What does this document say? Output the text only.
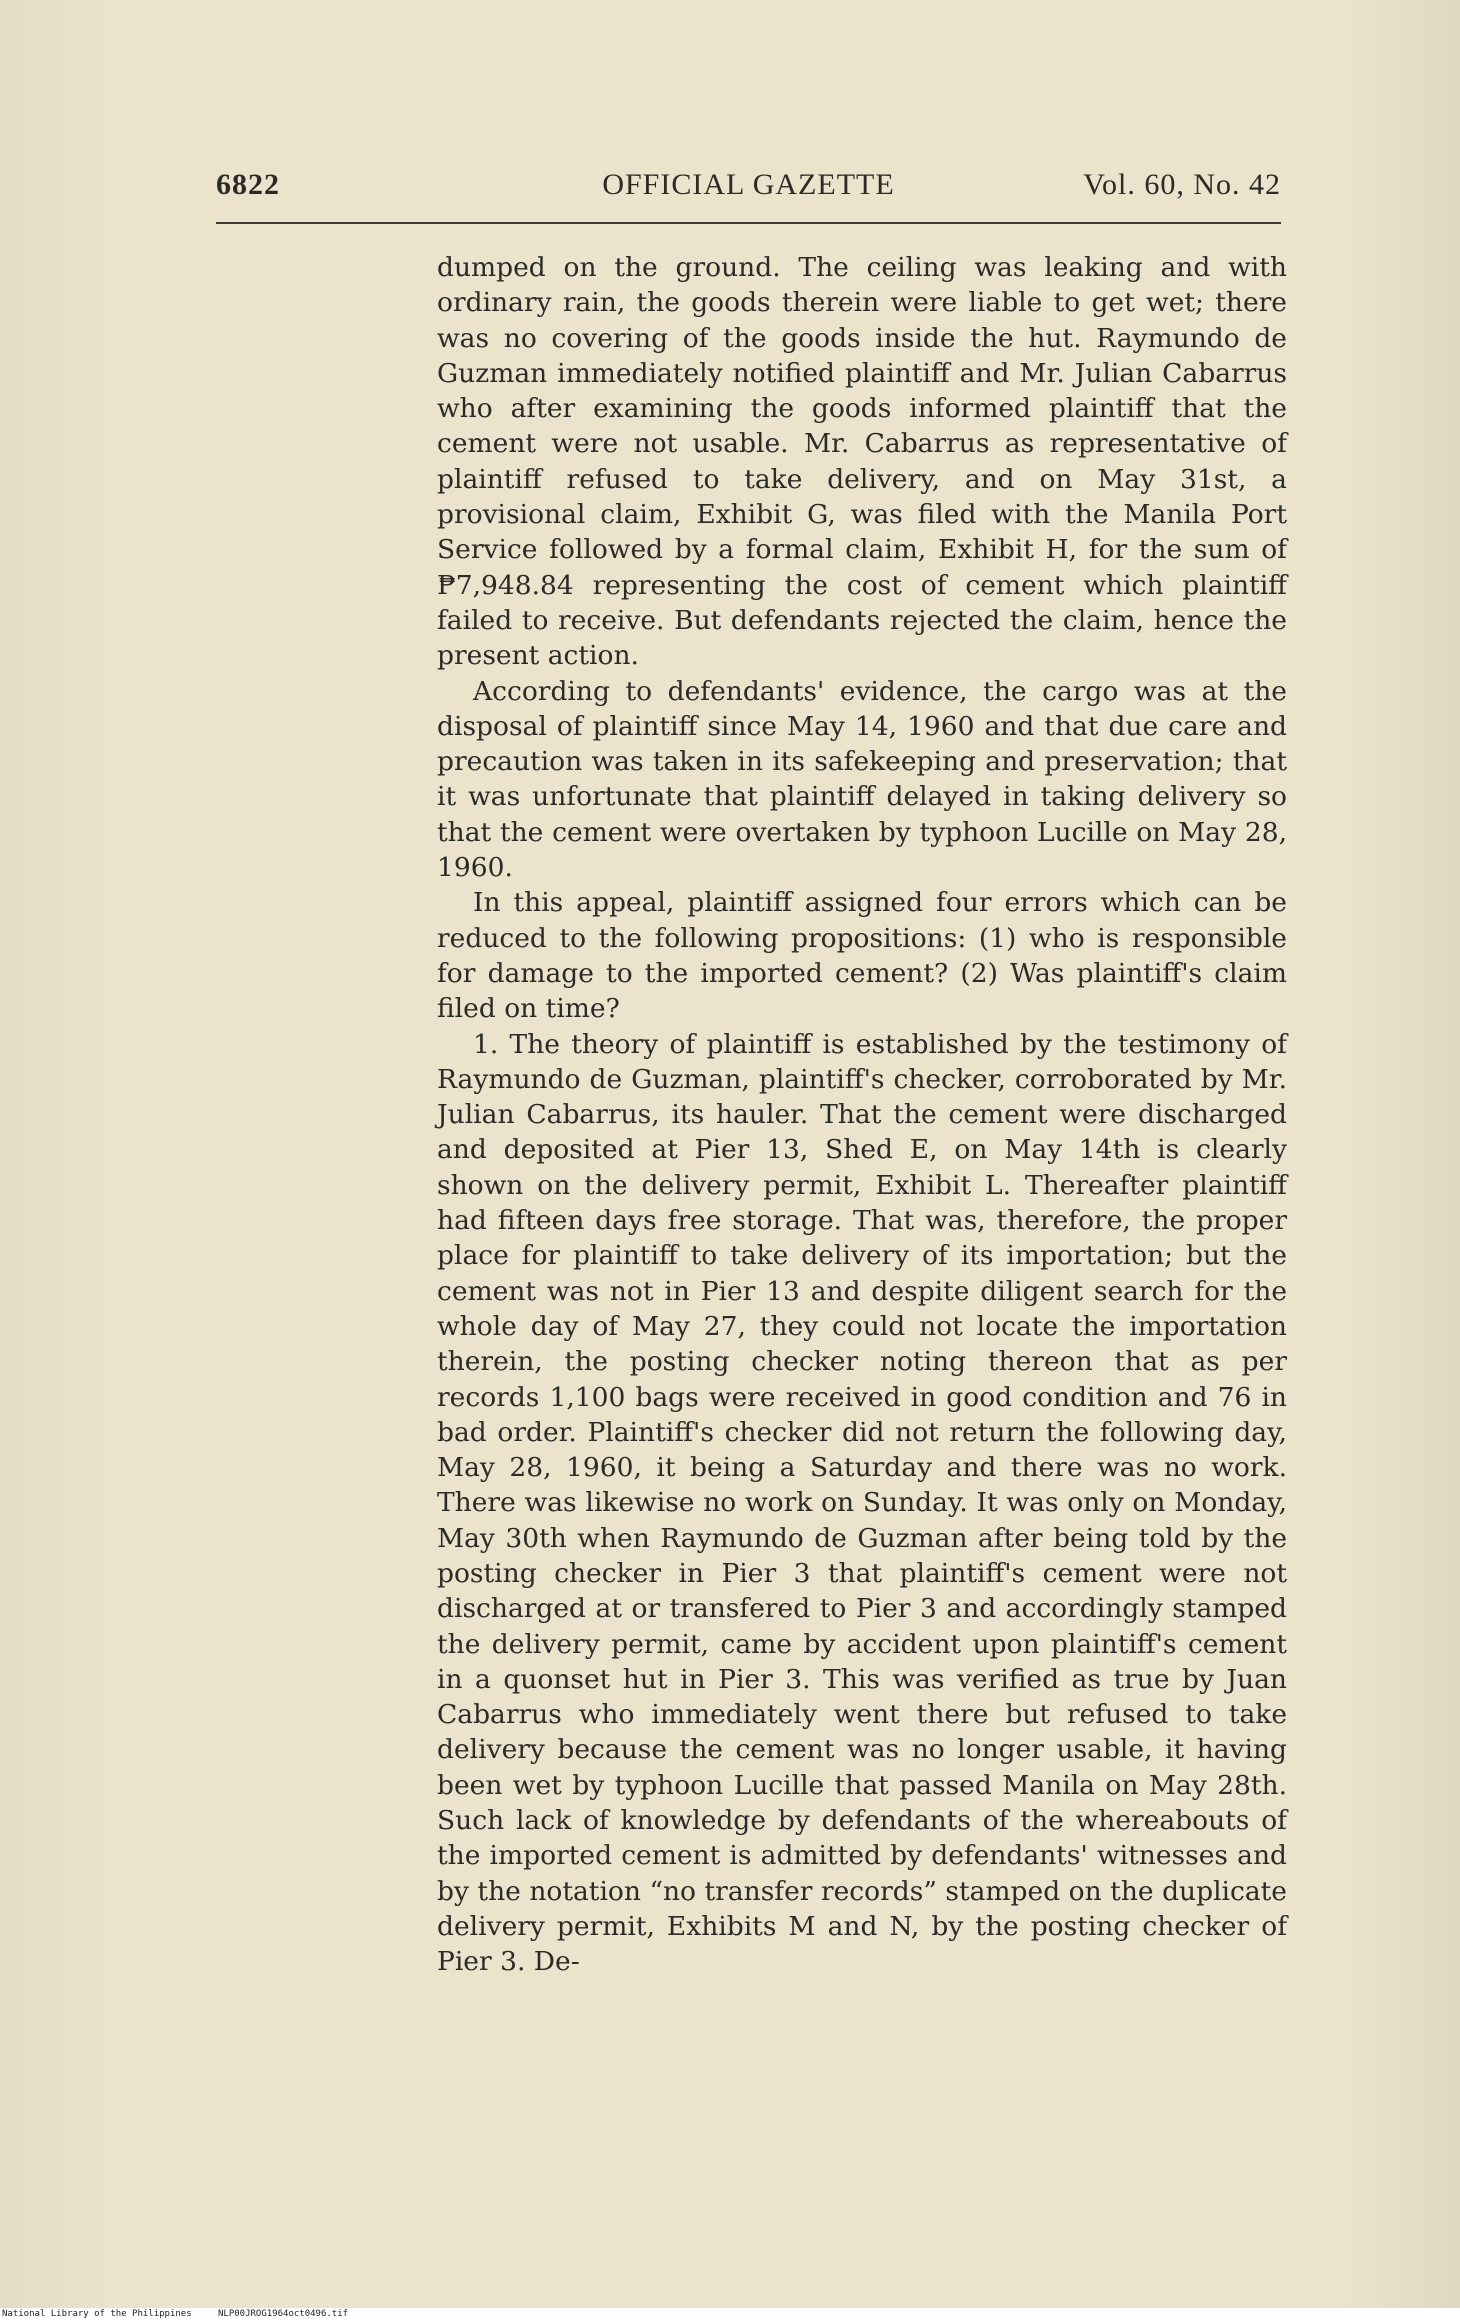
6822	OFFICIAL GAZETTE	Vol. 60, No. 42

dumped on the ground. The ceiling was leaking and with ordinary rain, the goods therein were liable to get wet; there was no covering of the goods inside the hut. Raymundo de Guzman immediately notified plaintiff and Mr. Julian Cabarrus who after examining the goods informed plaintiff that the cement were not usable. Mr. Cabarrus as representative of plaintiff refused to take delivery, and on May 31st, a provisional claim, Exhibit G, was filed with the Manila Port Service followed by a formal claim, Exhibit H, for the sum of ₱7,948.84 representing the cost of cement which plaintiff failed to receive. But defendants rejected the claim, hence the present action.

According to defendants' evidence, the cargo was at the disposal of plaintiff since May 14, 1960 and that due care and precaution was taken in its safekeeping and preservation; that it was unfortunate that plaintiff delayed in taking delivery so that the cement were overtaken by typhoon Lucille on May 28, 1960.

In this appeal, plaintiff assigned four errors which can be reduced to the following propositions: (1) who is responsible for damage to the imported cement? (2) Was plaintiff's claim filed on time?

1. The theory of plaintiff is established by the testimony of Raymundo de Guzman, plaintiff's checker, corroborated by Mr. Julian Cabarrus, its hauler. That the cement were discharged and deposited at Pier 13, Shed E, on May 14th is clearly shown on the delivery permit, Exhibit L. Thereafter plaintiff had fifteen days free storage. That was, therefore, the proper place for plaintiff to take delivery of its importation; but the cement was not in Pier 13 and despite diligent search for the whole day of May 27, they could not locate the importation therein, the posting checker noting thereon that as per records 1,100 bags were received in good condition and 76 in bad order. Plaintiff's checker did not return the following day, May 28, 1960, it being a Saturday and there was no work. There was likewise no work on Sunday. It was only on Monday, May 30th when Raymundo de Guzman after being told by the posting checker in Pier 3 that plaintiff's cement were not discharged at or transfered to Pier 3 and accordingly stamped the delivery permit, came by accident upon plaintiff's cement in a quonset hut in Pier 3. This was verified as true by Juan Cabarrus who immediately went there but refused to take delivery because the cement was no longer usable, it having been wet by typhoon Lucille that passed Manila on May 28th. Such lack of knowledge by defendants of the whereabouts of the imported cement is admitted by defendants' witnesses and by the notation “no transfer records” stamped on the duplicate delivery permit, Exhibits M and N, by the posting checker of Pier 3. De-

National Library of the Philippines	NLP00JROG1964oct0496.tif
